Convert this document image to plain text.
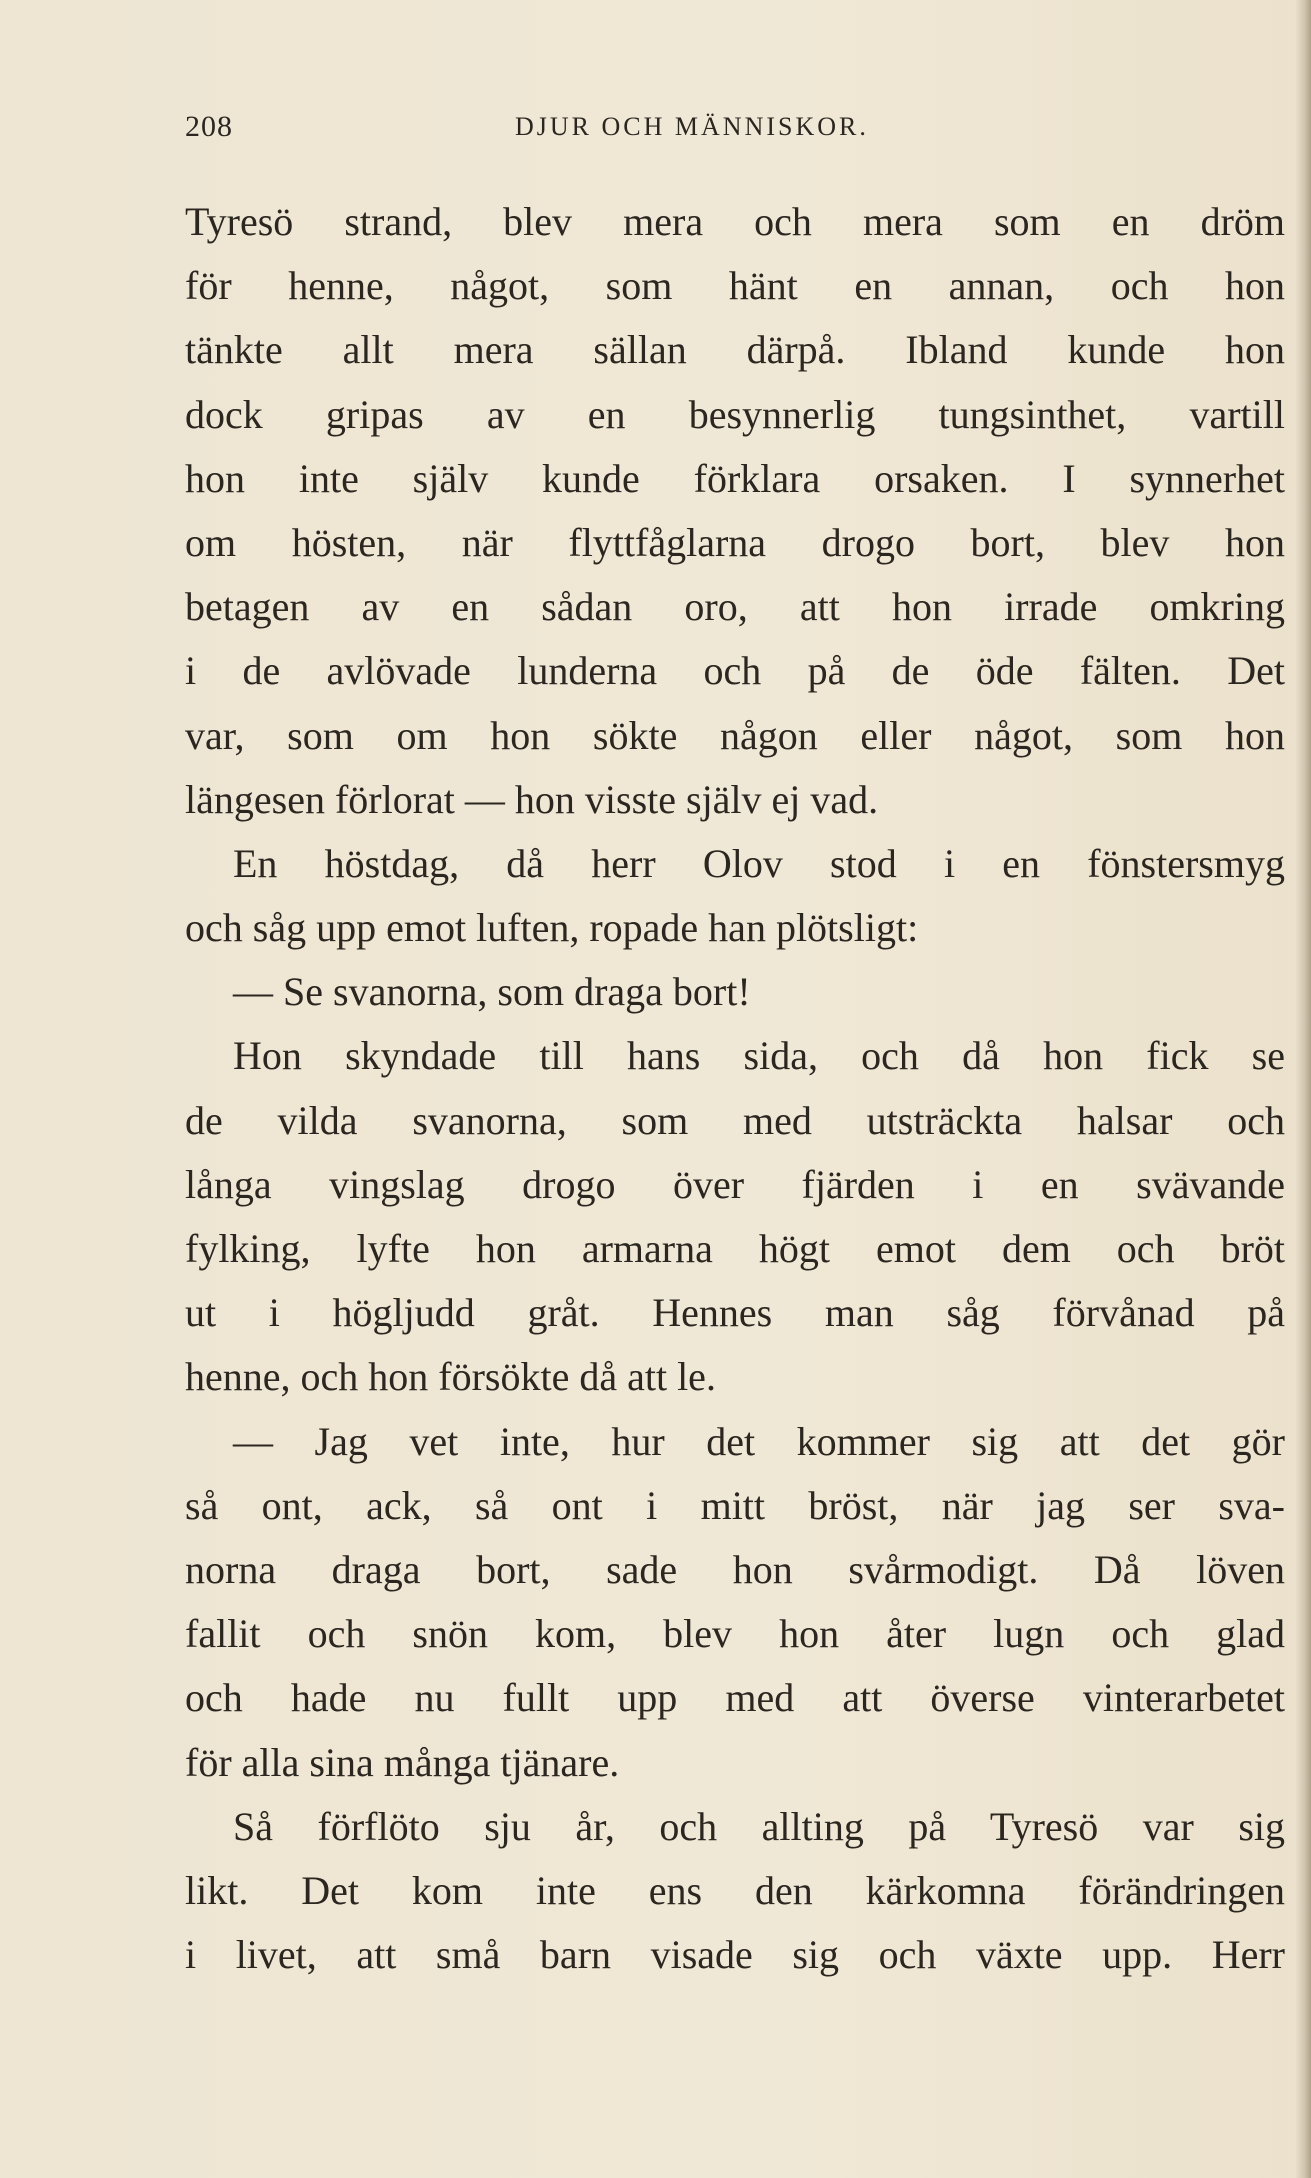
208	DJUR OCH MÄNNISKOR.
Tyresö strand, blev mera och mera som en dröm
för henne, något, som hänt en annan, och hon
tänkte allt mera sällan därpå. Ibland kunde hon
dock gripas av en besynnerlig tungsinthet, vartill
hon inte själv kunde förklara orsaken. I synnerhet
om hösten, när flyttfåglarna drogo bort, blev hon
betagen av en sådan oro, att hon irrade omkring
i de avlövade lunderna och på de öde fälten. Det
var, som om hon sökte någon eller något, som hon
längesen förlorat — hon visste själv ej vad.
En höstdag, då herr Olov stod i en fönstersmyg
och såg upp emot luften, ropade han plötsligt:
— Se svanorna, som draga bort!
Hon skyndade till hans sida, och då hon fick se
de vilda svanorna, som med utsträckta halsar och
långa vingslag drogo över fjärden i en svävande
fylking, lyfte hon armarna högt emot dem och bröt
ut i högljudd gråt. Hennes man såg förvånad på
henne, och hon försökte då att le.
— Jag vet inte, hur det kommer sig att det gör
så ont, ack, så ont i mitt bröst, när jag ser sva-
norna draga bort, sade hon svårmodigt. Då löven
fallit och snön kom, blev hon åter lugn och glad
och hade nu fullt upp med att överse vinterarbetet
för alla sina många tjänare.
Så förflöto sju år, och allting på Tyresö var sig
likt. Det kom inte ens den kärkomna förändringen
i livet, att små barn visade sig och växte upp. Herr
